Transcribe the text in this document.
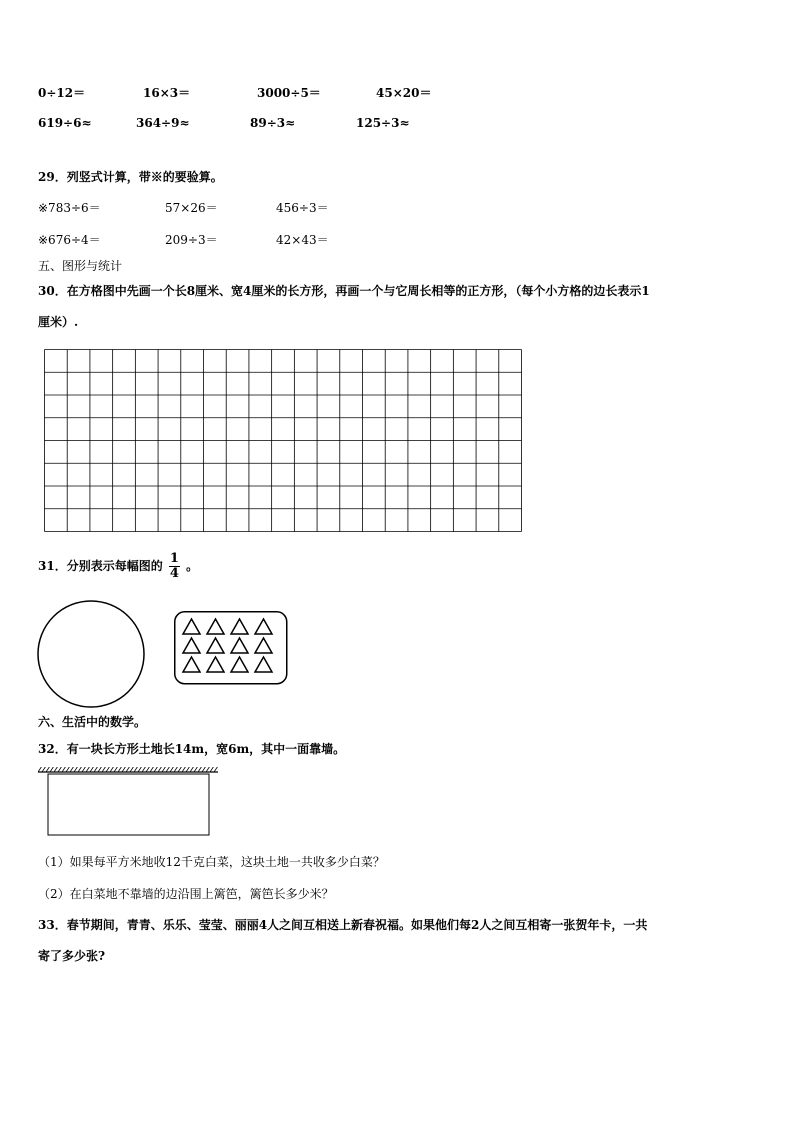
0÷12＝	16×3＝	3000÷5＝	45×20＝
619÷6≈	364÷9≈	89÷3≈	125÷3≈
29．列竖式计算，带※的要验算。
※783÷6＝	57×26＝	456÷3＝
※676÷4＝	209÷3＝	42×43＝
五、图形与统计
30．在方格图中先画一个长8厘米、宽4厘米的长方形，再画一个与它周长相等的正方形，（每个小方格的边长表示1
厘米）.
31．分别表示每幅图的 $\frac{1}{4}$ 。
六、生活中的数学。
32．有一块长方形土地长14m，宽6m，其中一面靠墙。
（1）如果每平方米地收12千克白菜，这块土地一共收多少白菜？
（2）在白菜地不靠墙的边沿围上篱笆，篱笆长多少米？
33．春节期间，青青、乐乐、莹莹、丽丽4人之间互相送上新春祝福。如果他们每2人之间互相寄一张贺年卡，一共
寄了多少张?
